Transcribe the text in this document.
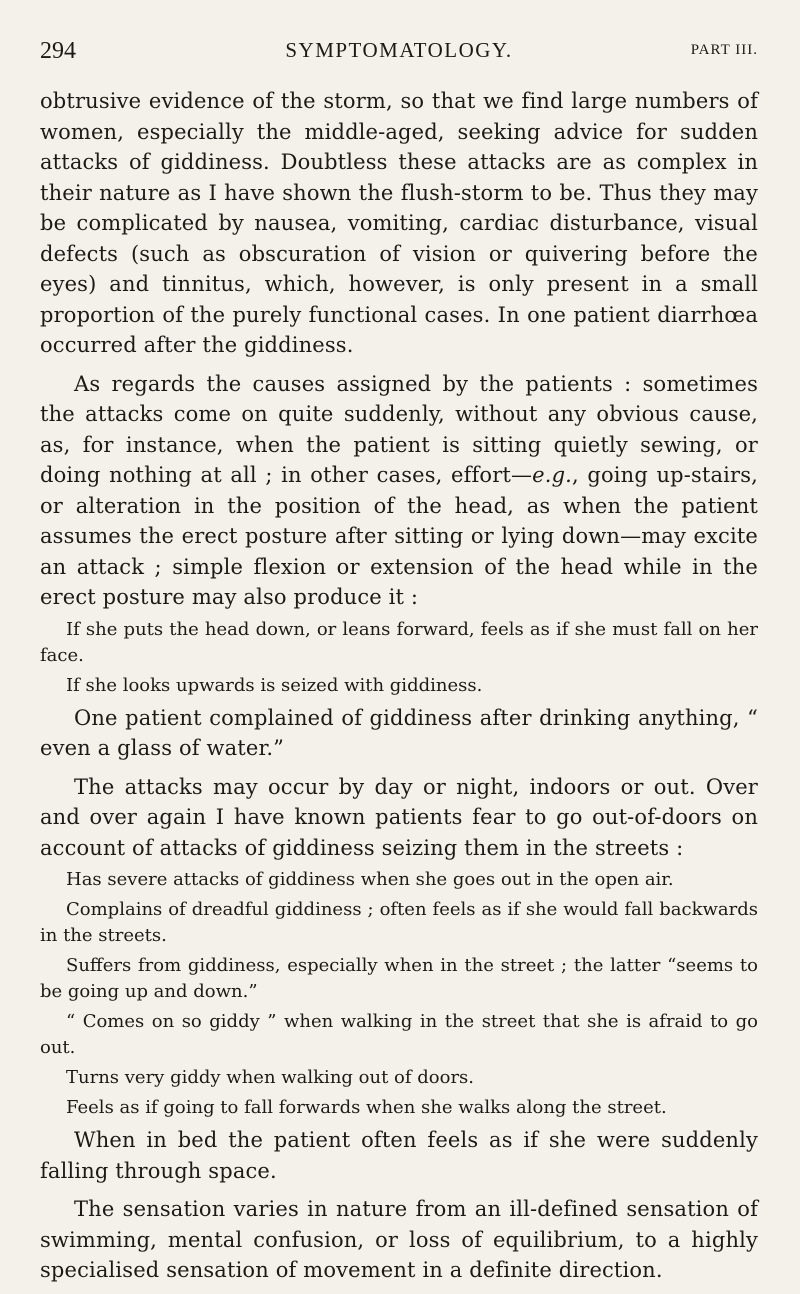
294	SYMPTOMATOLOGY.	PART III.

obtrusive evidence of the storm, so that we find large numbers of women, especially the middle-aged, seeking advice for sudden attacks of giddiness. Doubtless these attacks are as complex in their nature as I have shown the flush-storm to be. Thus they may be complicated by nausea, vomiting, cardiac disturbance, visual defects (such as obscuration of vision or quivering before the eyes) and tinnitus, which, however, is only present in a small proportion of the purely functional cases. In one patient diarrhœa occurred after the giddiness.

As regards the causes assigned by the patients : sometimes the attacks come on quite suddenly, without any obvious cause, as, for instance, when the patient is sitting quietly sewing, or doing nothing at all ; in other cases, effort—e.g., going up-stairs, or alteration in the position of the head, as when the patient assumes the erect posture after sitting or lying down—may excite an attack ; simple flexion or extension of the head while in the erect posture may also produce it :

If she puts the head down, or leans forward, feels as if she must fall on her face.

If she looks upwards is seized with giddiness.

One patient complained of giddiness after drinking anything, “ even a glass of water.”

The attacks may occur by day or night, indoors or out. Over and over again I have known patients fear to go out-of-doors on account of attacks of giddiness seizing them in the streets :

Has severe attacks of giddiness when she goes out in the open air.

Complains of dreadful giddiness ; often feels as if she would fall backwards in the streets.

Suffers from giddiness, especially when in the street ; the latter “seems to be going up and down.”

“ Comes on so giddy ” when walking in the street that she is afraid to go out.

Turns very giddy when walking out of doors.

Feels as if going to fall forwards when she walks along the street.

When in bed the patient often feels as if she were suddenly falling through space.

The sensation varies in nature from an ill-defined sensation of swimming, mental confusion, or loss of equilibrium, to a highly specialised sensation of movement in a definite direction.
